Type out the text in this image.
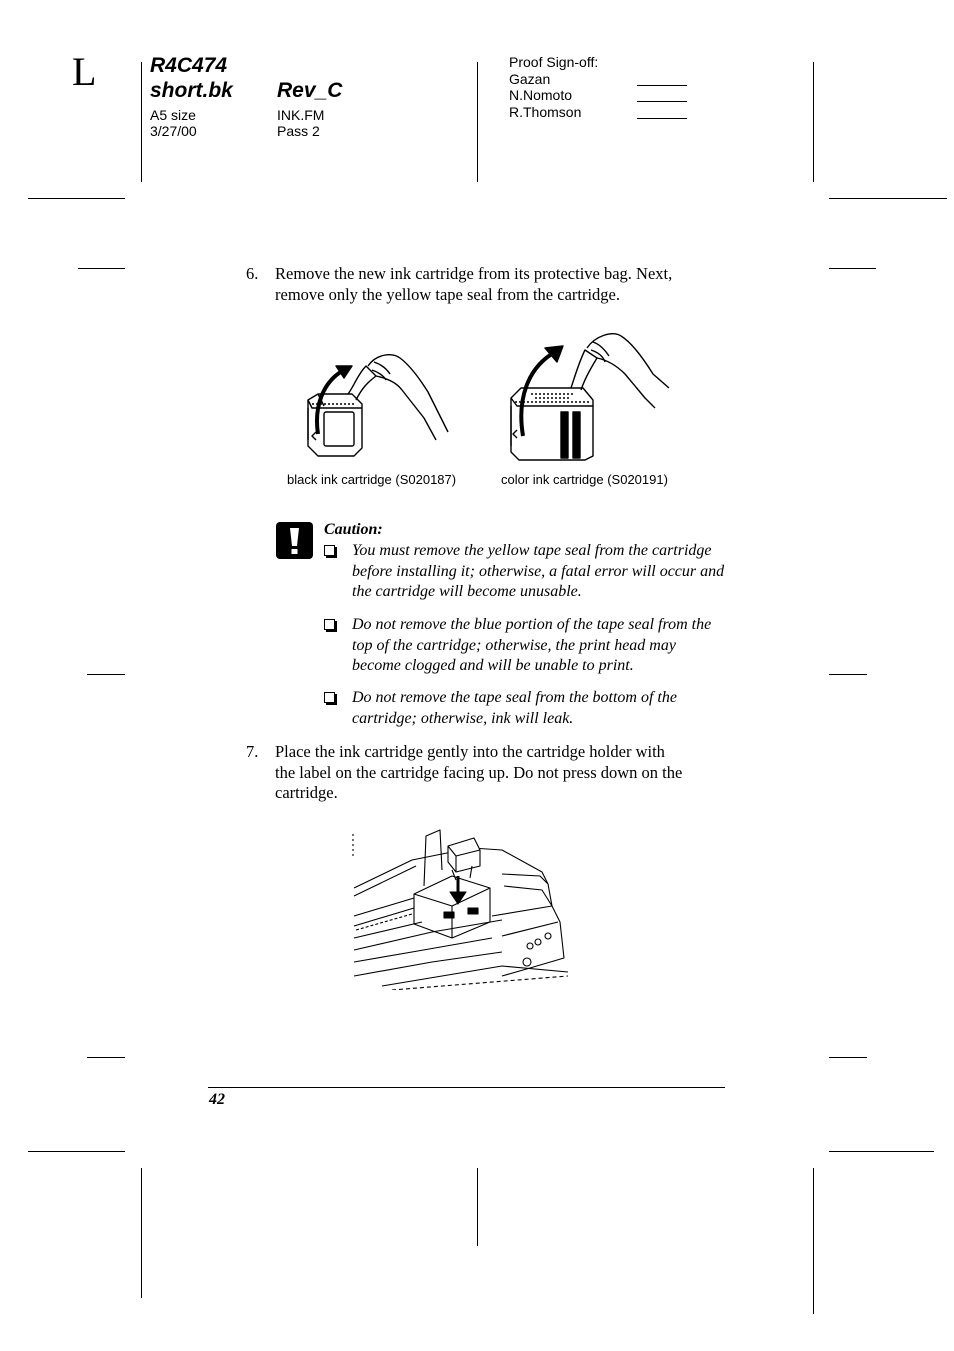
L	R4C474
short.bk Rev_C
A5 size
3/27/00
INK.FM
Pass 2
Proof Sign-off:
Gazan
N.Nomoto
R.Thomson
6. Remove the new ink cartridge from its protective bag. Next,
remove only the yellow tape seal from the cartridge.
black ink cartridge (S020187)	color ink cartridge (S020191)
Caution:
You must remove the yellow tape seal from the cartridge
before installing it; otherwise, a fatal error will occur and
the cartridge will become unusable.
Do not remove the blue portion of the tape seal from the
top of the cartridge; otherwise, the print head may
become clogged and will be unable to print.
Do not remove the tape seal from the bottom of the
cartridge; otherwise, ink will leak.
7. Place the ink cartridge gently into the cartridge holder with
the label on the cartridge facing up. Do not press down on the
cartridge.
42
